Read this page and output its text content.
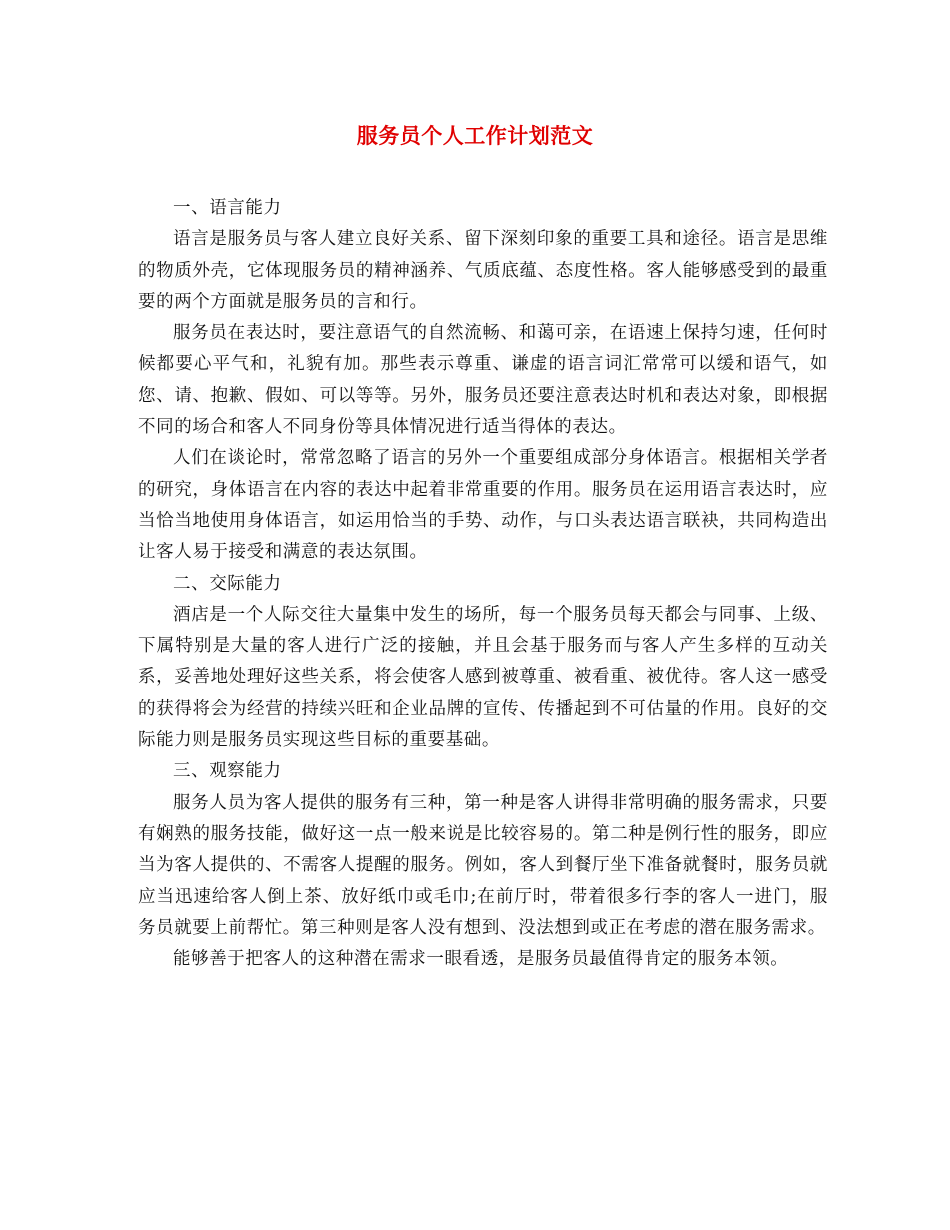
服务员个人工作计划范文

一、语言能力

语言是服务员与客人建立良好关系、留下深刻印象的重要工具和途径。语言是思维的物质外壳，它体现服务员的精神涵养、气质底蕴、态度性格。客人能够感受到的最重要的两个方面就是服务员的言和行。

服务员在表达时，要注意语气的自然流畅、和蔼可亲，在语速上保持匀速，任何时候都要心平气和，礼貌有加。那些表示尊重、谦虚的语言词汇常常可以缓和语气，如您、请、抱歉、假如、可以等等。另外，服务员还要注意表达时机和表达对象，即根据不同的场合和客人不同身份等具体情况进行适当得体的表达。

人们在谈论时，常常忽略了语言的另外一个重要组成部分身体语言。根据相关学者的研究，身体语言在内容的表达中起着非常重要的作用。服务员在运用语言表达时，应当恰当地使用身体语言，如运用恰当的手势、动作，与口头表达语言联袂，共同构造出让客人易于接受和满意的表达氛围。

二、交际能力

酒店是一个人际交往大量集中发生的场所，每一个服务员每天都会与同事、上级、下属特别是大量的客人进行广泛的接触，并且会基于服务而与客人产生多样的互动关系，妥善地处理好这些关系，将会使客人感到被尊重、被看重、被优待。客人这一感受的获得将会为经营的持续兴旺和企业品牌的宣传、传播起到不可估量的作用。良好的交际能力则是服务员实现这些目标的重要基础。

三、观察能力

服务人员为客人提供的服务有三种，第一种是客人讲得非常明确的服务需求，只要有娴熟的服务技能，做好这一点一般来说是比较容易的。第二种是例行性的服务，即应当为客人提供的、不需客人提醒的服务。例如，客人到餐厅坐下准备就餐时，服务员就应当迅速给客人倒上茶、放好纸巾或毛巾;在前厅时，带着很多行李的客人一进门，服务员就要上前帮忙。第三种则是客人没有想到、没法想到或正在考虑的潜在服务需求。

能够善于把客人的这种潜在需求一眼看透，是服务员最值得肯定的服务本领。
